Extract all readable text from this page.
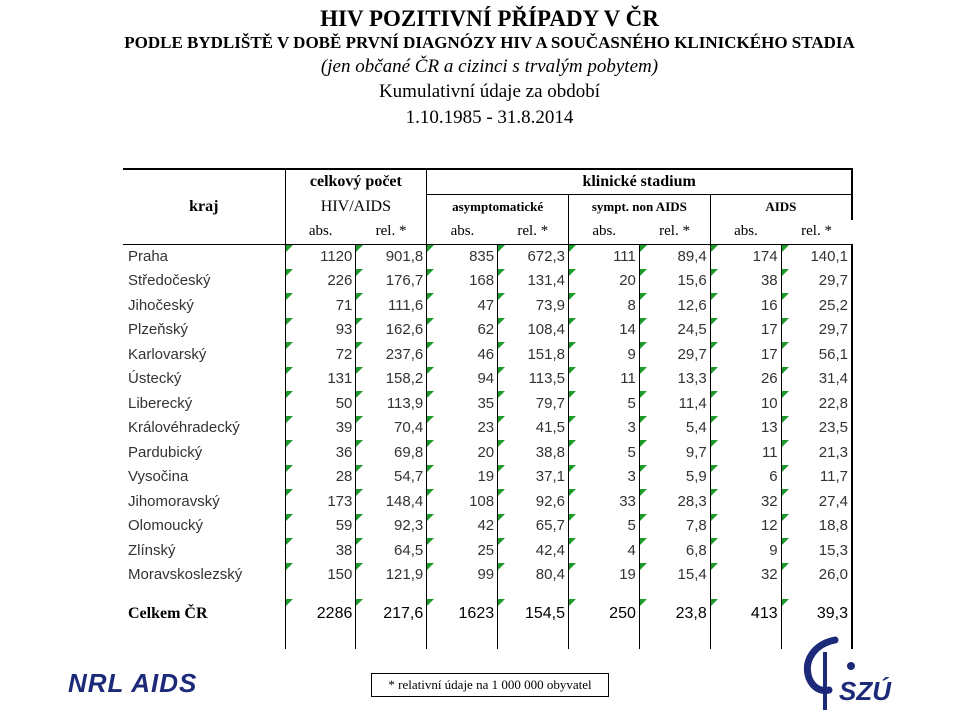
HIV POZITIVNÍ PŘÍPADY V ČR
PODLE BYDLIŠTĚ V DOBĚ PRVNÍ DIAGNÓZY HIV A SOUČASNÉHO KLINICKÉHO STADIA
(jen občané ČR a cizinci s trvalým pobytem)
Kumulativní údaje za období
1.10.1985 - 31.8.2014
kraj	celkový počet		klinické stadium					
	HIV/AIDS		asymptomatické		sympt. non AIDS		AIDS	
	abs.	rel. *	abs.	rel. *	abs.	rel. *	abs.	rel. *
Praha	1120	901,8	835	672,3	111	89,4	174	140,1
Středočeský	226	176,7	168	131,4	20	15,6	38	29,7
Jihočeský	71	111,6	47	73,9	8	12,6	16	25,2
Plzeňský	93	162,6	62	108,4	14	24,5	17	29,7
Karlovarský	72	237,6	46	151,8	9	29,7	17	56,1
Ústecký	131	158,2	94	113,5	11	13,3	26	31,4
Liberecký	50	113,9	35	79,7	5	11,4	10	22,8
Královéhradecký	39	70,4	23	41,5	3	5,4	13	23,5
Pardubický	36	69,8	20	38,8	5	9,7	11	21,3
Vysočina	28	54,7	19	37,1	3	5,9	6	11,7
Jihomoravský	173	148,4	108	92,6	33	28,3	32	27,4
Olomoucký	59	92,3	42	65,7	5	7,8	12	18,8
Zlínský	38	64,5	25	42,4	4	6,8	9	15,3
Moravskoslezský	150	121,9	99	80,4	19	15,4	32	26,0

Celkem ČR	2286	217,6	1623	154,5	250	23,8	413	39,3

* relativní údaje na 1 000 000 obyvatel
NRL AIDS	SZÚ
